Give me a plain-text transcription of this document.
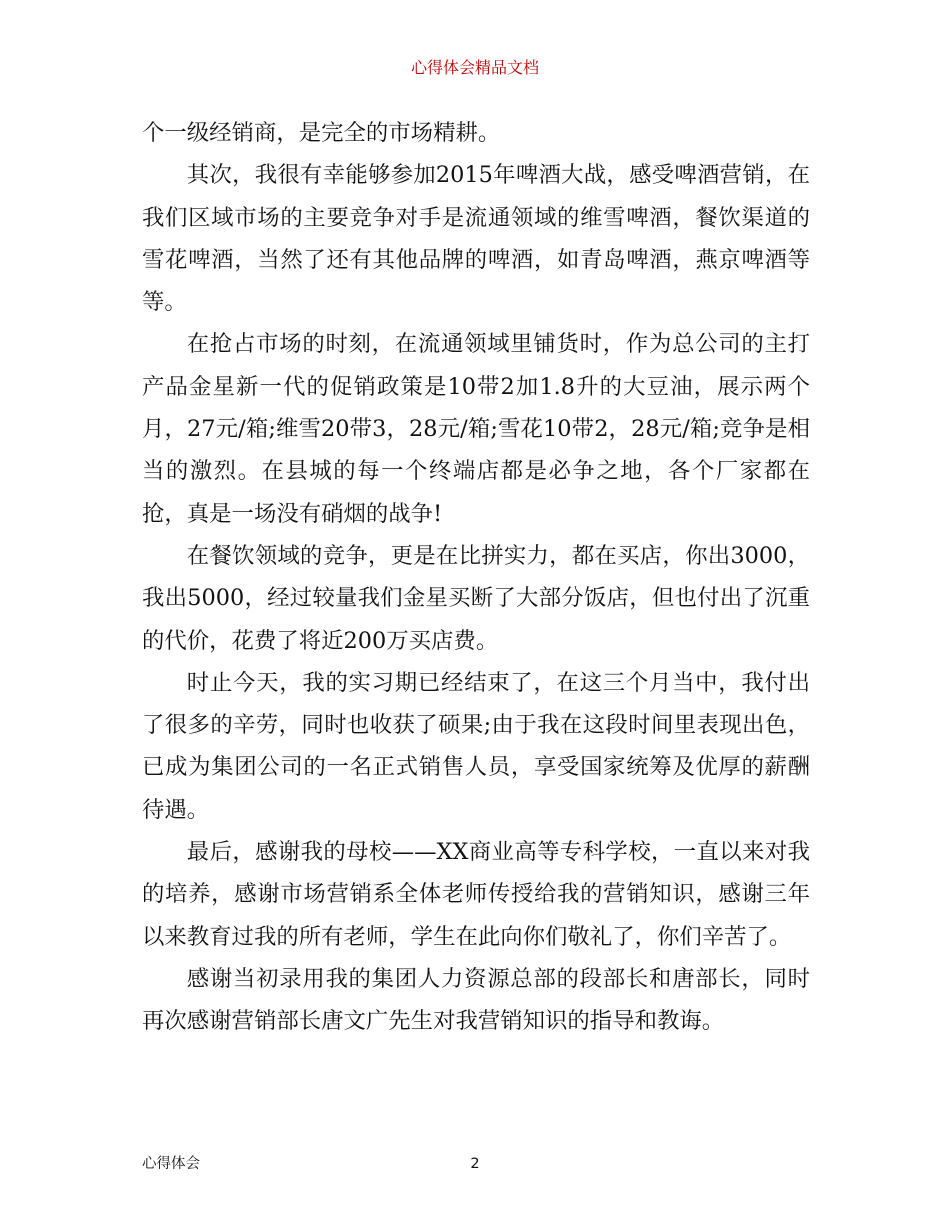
心得体会精品文档

个一级经销商，是完全的市场精耕。

其次，我很有幸能够参加2015年啤酒大战，感受啤酒营销，在我们区域市场的主要竞争对手是流通领域的维雪啤酒，餐饮渠道的雪花啤酒，当然了还有其他品牌的啤酒，如青岛啤酒，燕京啤酒等等。

在抢占市场的时刻，在流通领域里铺货时，作为总公司的主打产品金星新一代的促销政策是10带2加1.8升的大豆油，展示两个月，27元/箱;维雪20带3，28元/箱;雪花10带2，28元/箱;竞争是相当的激烈。在县城的每一个终端店都是必争之地，各个厂家都在抢，真是一场没有硝烟的战争!

在餐饮领域的竞争，更是在比拼实力，都在买店，你出3000，我出5000，经过较量我们金星买断了大部分饭店，但也付出了沉重的代价，花费了将近200万买店费。

时止今天，我的实习期已经结束了，在这三个月当中，我付出了很多的辛劳，同时也收获了硕果;由于我在这段时间里表现出色，已成为集团公司的一名正式销售人员，享受国家统筹及优厚的薪酬待遇。

最后，感谢我的母校——XX商业高等专科学校，一直以来对我的培养，感谢市场营销系全体老师传授给我的营销知识，感谢三年以来教育过我的所有老师，学生在此向你们敬礼了，你们辛苦了。

感谢当初录用我的集团人力资源总部的段部长和唐部长，同时再次感谢营销部长唐文广先生对我营销知识的指导和教诲。

心得体会	2
